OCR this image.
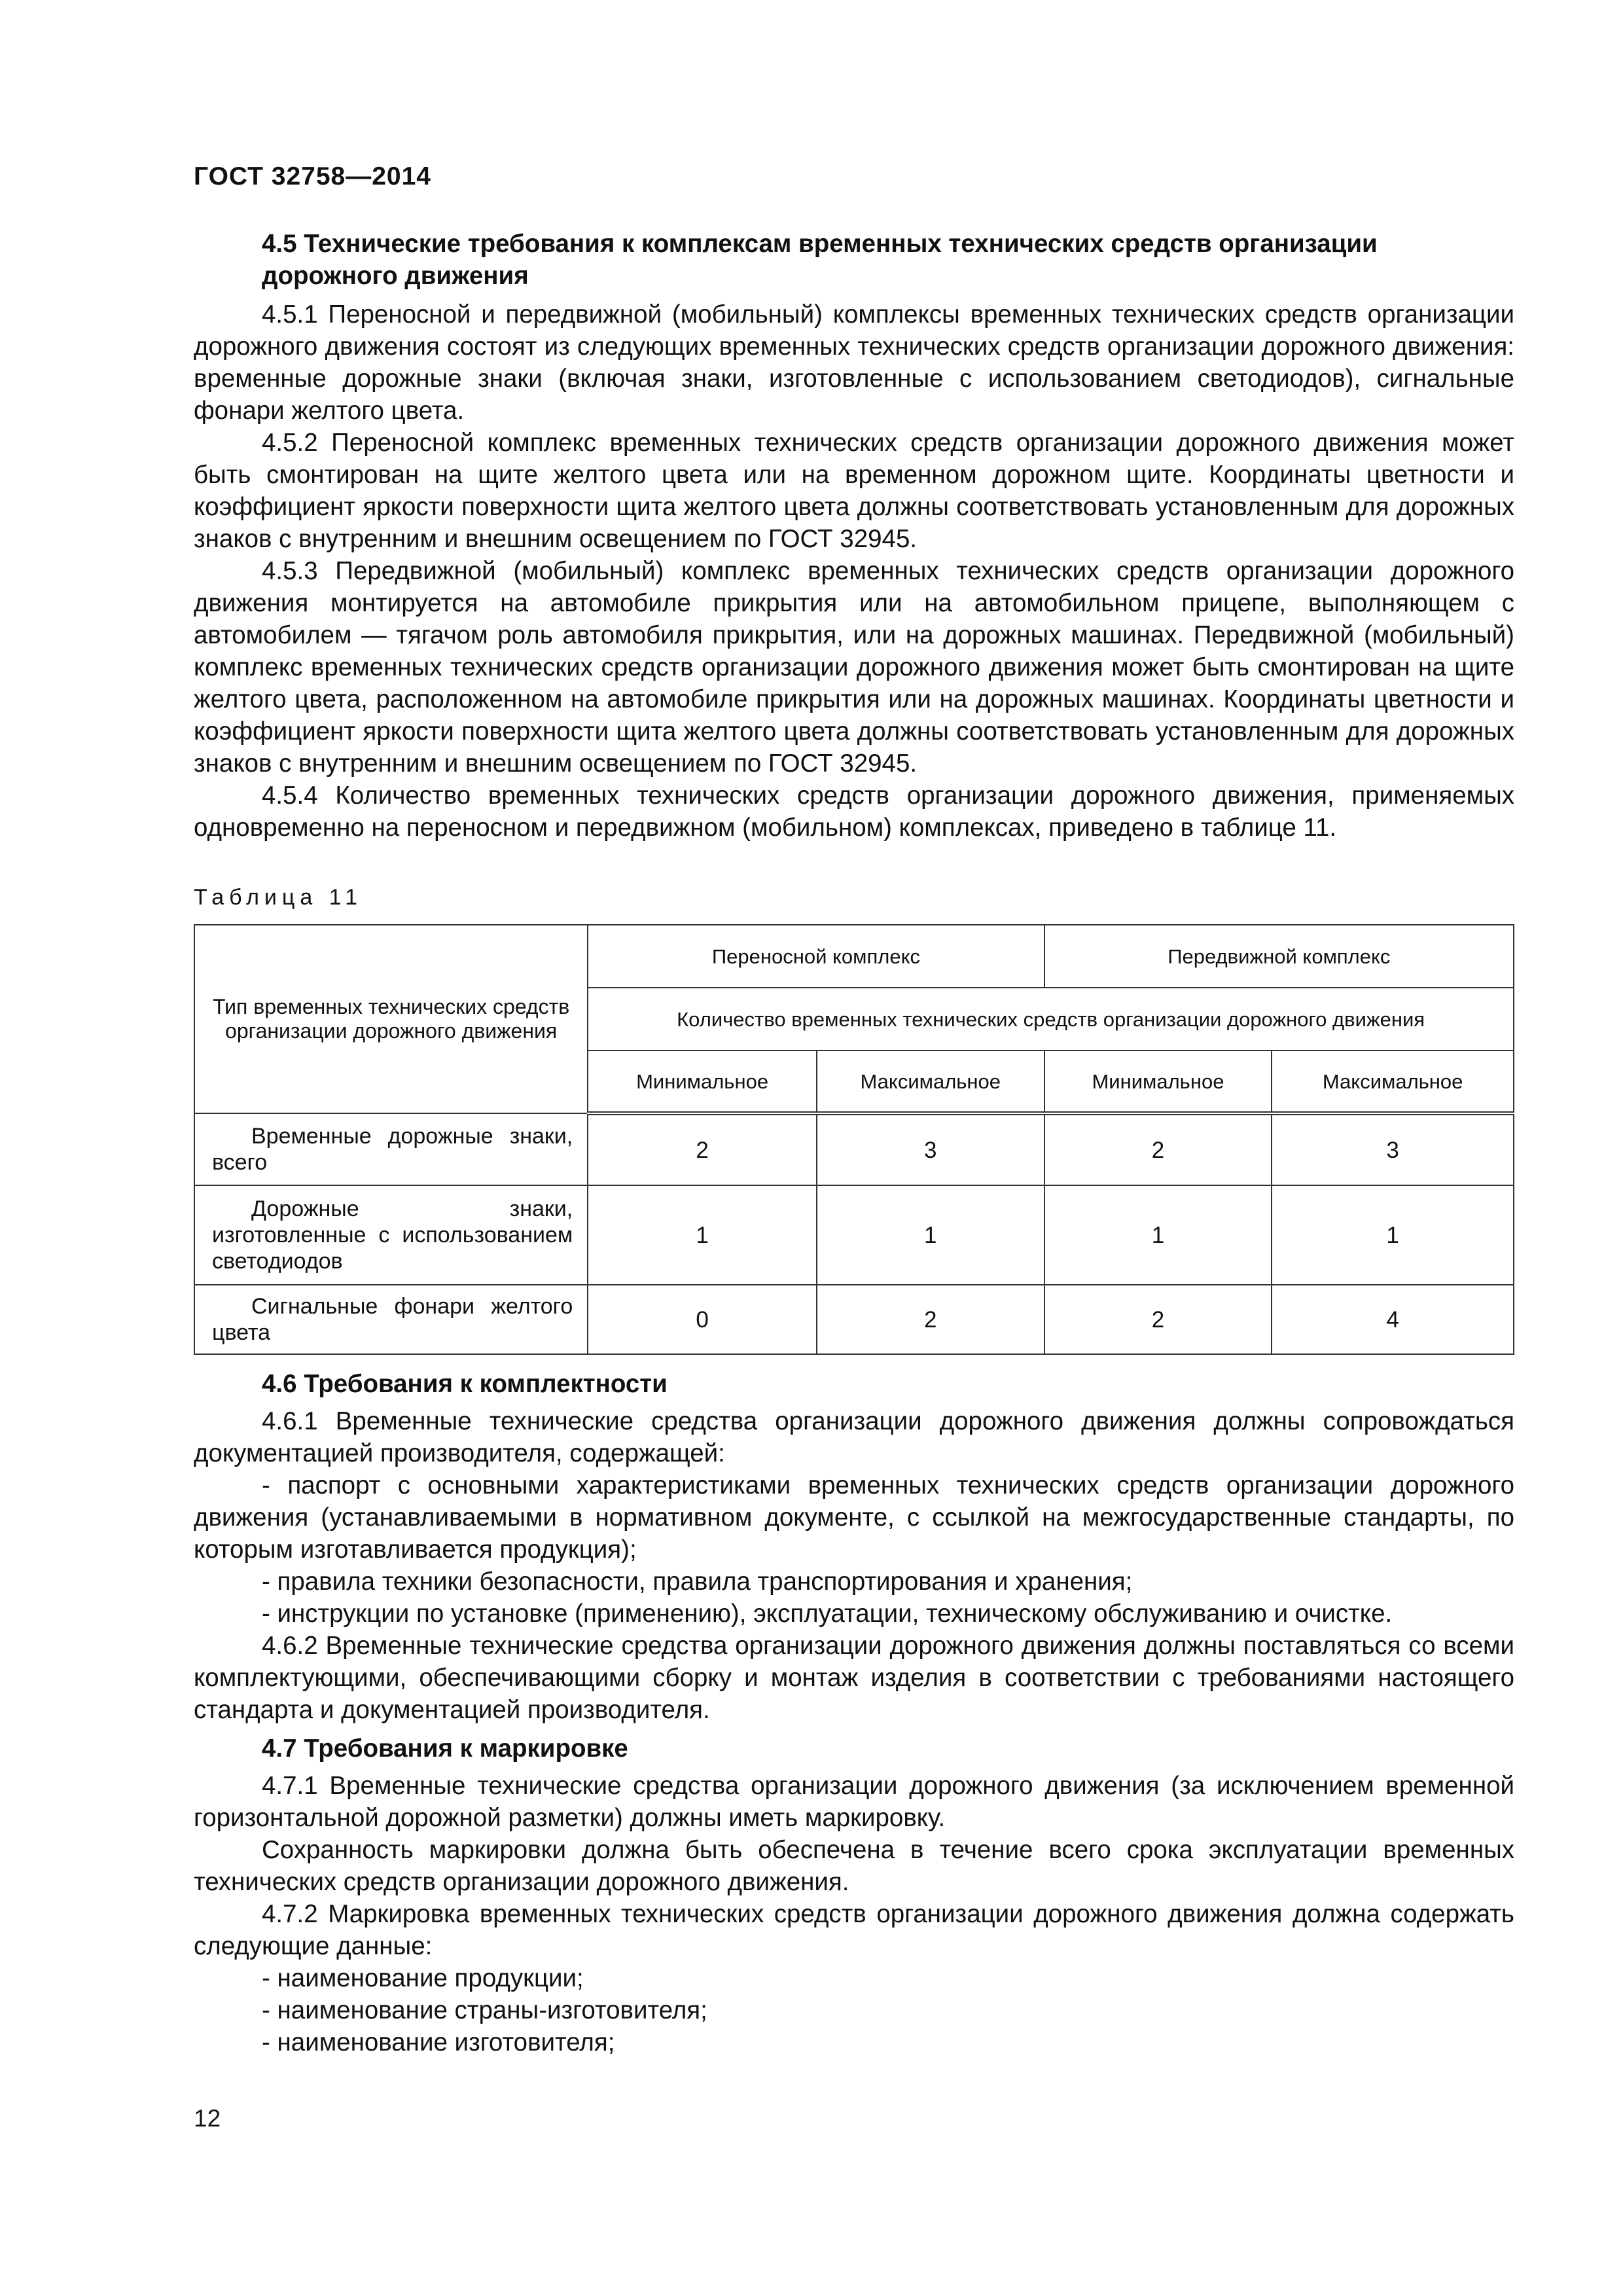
ГОСТ 32758—2014
4.5 Технические требования к комплексам временных технических средств организации дорожного движения

4.5.1 Переносной и передвижной (мобильный) комплексы временных технических средств организации дорожного движения состоят из следующих временных технических средств организации дорожного движения: временные дорожные знаки (включая знаки, изготовленные с использованием светодиодов), сигнальные фонари желтого цвета.

4.5.2 Переносной комплекс временных технических средств организации дорожного движения может быть смонтирован на щите желтого цвета или на временном дорожном щите. Координаты цветности и коэффициент яркости поверхности щита желтого цвета должны соответствовать установленным для дорожных знаков с внутренним и внешним освещением по ГОСТ 32945.

4.5.3 Передвижной (мобильный) комплекс временных технических средств организации дорожного движения монтируется на автомобиле прикрытия или на автомобильном прицепе, выполняющем с автомобилем — тягачом роль автомобиля прикрытия, или на дорожных машинах. Передвижной (мобильный) комплекс временных технических средств организации дорожного движения может быть смонтирован на щите желтого цвета, расположенном на автомобиле прикрытия или на дорожных машинах. Координаты цветности и коэффициент яркости поверхности щита желтого цвета должны соответствовать установленным для дорожных знаков с внутренним и внешним освещением по ГОСТ 32945.

4.5.4 Количество временных технических средств организации дорожного движения, применяемых одновременно на переносном и передвижном (мобильном) комплексах, приведено в таблице 11.

Таблица 11
Тип временных технических средств организации дорожного движения	Переносной комплекс		Передвижной комплекс	
	Количество временных технических средств организации дорожного движения			
	Минимальное	Максимальное	Минимальное	Максимальное

Временные дорожные знаки, всего	2	3	2	3

Дорожные знаки, изготовленные с использованием светодиодов	1	1	1	1

Сигнальные фонари желтого цвета	0	2	2	4
4.6 Требования к комплектности

4.6.1 Временные технические средства организации дорожного движения должны сопровождаться документацией производителя, содержащей:

- паспорт с основными характеристиками временных технических средств организации дорожного движения (устанавливаемыми в нормативном документе, с ссылкой на межгосударственные стандарты, по которым изготавливается продукция);

- правила техники безопасности, правила транспортирования и хранения;

- инструкции по установке (применению), эксплуатации, техническому обслуживанию и очистке.

4.6.2 Временные технические средства организации дорожного движения должны поставляться со всеми комплектующими, обеспечивающими сборку и монтаж изделия в соответствии с требованиями настоящего стандарта и документацией производителя.

4.7 Требования к маркировке

4.7.1 Временные технические средства организации дорожного движения (за исключением временной горизонтальной дорожной разметки) должны иметь маркировку.

Сохранность маркировки должна быть обеспечена в течение всего срока эксплуатации временных технических средств организации дорожного движения.

4.7.2 Маркировка временных технических средств организации дорожного движения должна содержать следующие данные:

- наименование продукции;

- наименование страны-изготовителя;

- наименование изготовителя;

12
